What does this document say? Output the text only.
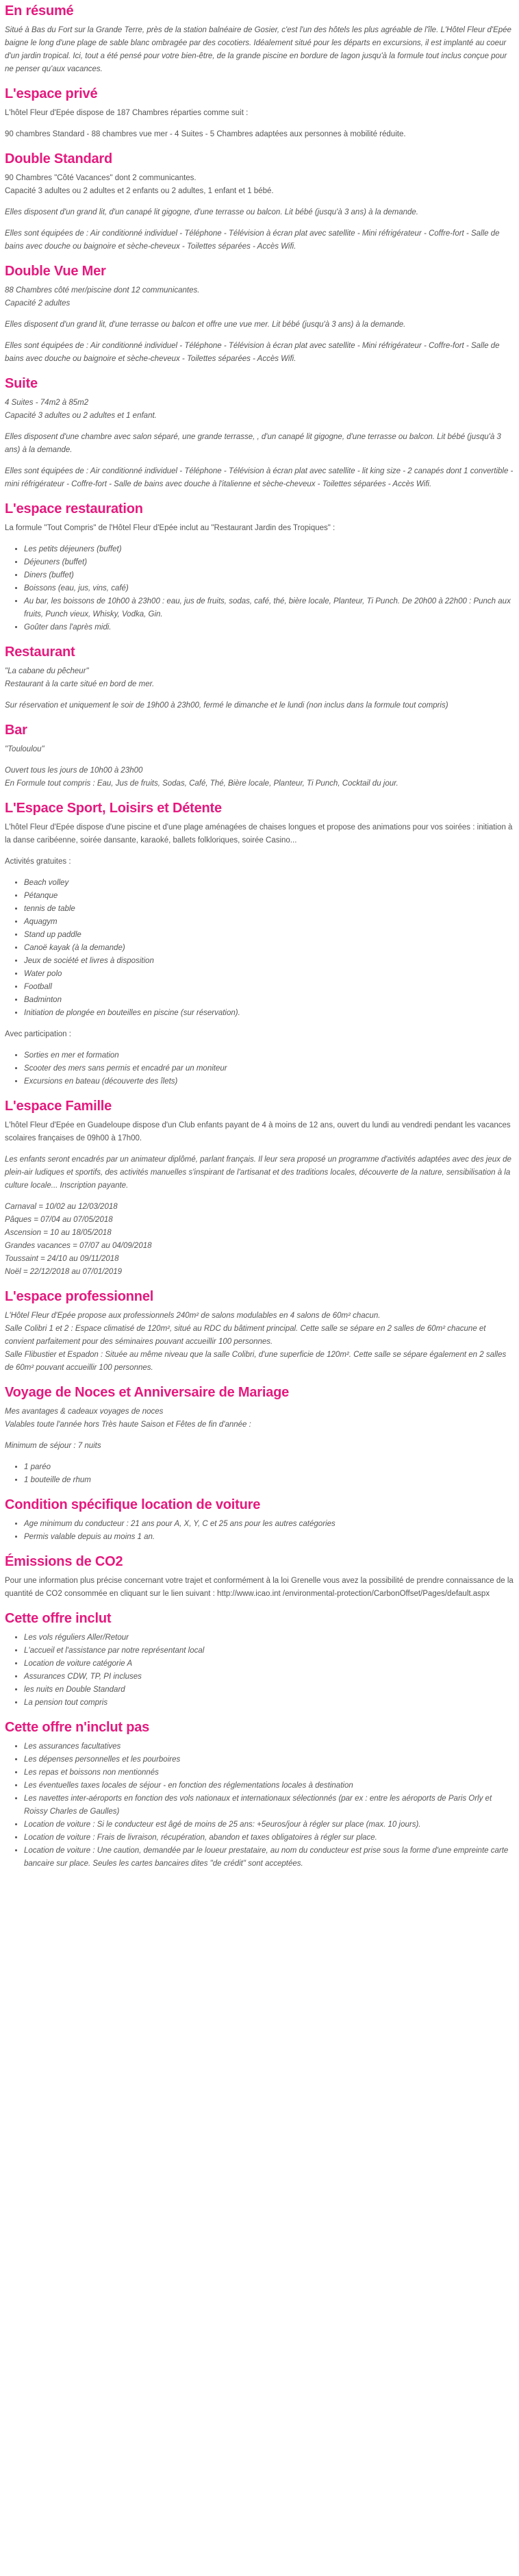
En résumé

Situé à Bas du Fort sur la Grande Terre, près de la station balnéaire de Gosier, c'est l'un des hôtels les plus agréable de l'île. L'Hôtel Fleur d'Epée baigne le long d'une plage de sable blanc ombragée par des cocotiers. Idéalement situé pour les départs en excursions, il est implanté au coeur d'un jardin tropical. Ici, tout a été pensé pour votre bien-être, de la grande piscine en bordure de lagon jusqu'à la formule tout inclus conçue pour ne penser qu'aux vacances.

L'espace privé

L'hôtel Fleur d'Epée dispose de 187 Chambres réparties comme suit :

90 chambres Standard - 88 chambres vue mer - 4 Suites - 5 Chambres adaptées aux personnes à mobilité réduite.

Double Standard

90 Chambres "Côté Vacances" dont 2 communicantes.
Capacité 3 adultes ou 2 adultes et 2 enfants ou 2 adultes, 1 enfant et 1 bébé.

Elles disposent d'un grand lit, d'un canapé lit gigogne, d'une terrasse ou balcon. Lit bébé (jusqu'à 3 ans) à la demande.

Elles sont équipées de : Air conditionné individuel - Téléphone - Télévision à écran plat avec satellite - Mini réfrigérateur - Coffre-fort - Salle de bains avec douche ou baignoire et sèche-cheveux - Toilettes séparées - Accès Wifi.

Double Vue Mer

88 Chambres côté mer/piscine dont 12 communicantes.
Capacité 2 adultes

Elles disposent d'un grand lit, d'une terrasse ou balcon et offre une vue mer. Lit bébé (jusqu'à 3 ans) à la demande.

Elles sont équipées de : Air conditionné individuel - Téléphone - Télévision à écran plat avec satellite - Mini réfrigérateur - Coffre-fort - Salle de bains avec douche ou baignoire et sèche-cheveux - Toilettes séparées - Accès Wifi.

Suite

4 Suites - 74m2 à 85m2
Capacité 3 adultes ou 2 adultes et 1 enfant.

Elles disposent d'une chambre avec salon séparé, une grande terrasse, , d'un canapé lit gigogne, d'une terrasse ou balcon. Lit bébé (jusqu'à 3 ans) à la demande.

Elles sont équipées de : Air conditionné individuel - Téléphone - Télévision à écran plat avec satellite - lit king size - 2 canapés dont 1 convertible - mini réfrigérateur - Coffre-fort - Salle de bains avec douche à l'italienne et sèche-cheveux - Toilettes séparées - Accès Wifi.

L'espace restauration

La formule "Tout Compris" de l'Hôtel Fleur d'Epée inclut au "Restaurant Jardin des Tropiques" :

• Les petits déjeuners (buffet)
• Déjeuners (buffet)
• Diners (buffet)
• Boissons (eau, jus, vins, café)
• Au bar, les boissons de 10h00 à 23h00 : eau, jus de fruits, sodas, café, thé, bière locale, Planteur, Ti Punch. De 20h00 à 22h00 : Punch aux fruits, Punch vieux, Whisky, Vodka, Gin.
• Goûter dans l'après midi.
Restaurant

"La cabane du pêcheur"
Restaurant à la carte situé en bord de mer.

Sur réservation et uniquement le soir de 19h00 à 23h00, fermé le dimanche et le lundi (non inclus dans la formule tout compris)

Bar

"Touloulou"

Ouvert tous les jours de 10h00 à 23h00
En Formule tout compris : Eau, Jus de fruits, Sodas, Café, Thé, Bière locale, Planteur, Ti Punch, Cocktail du jour.

L'Espace Sport, Loisirs et Détente

L'hôtel Fleur d'Epée dispose d'une piscine et d'une plage aménagées de chaises longues et propose des animations pour vos soirées : initiation à la danse caribéenne, soirée dansante, karaoké, ballets folkloriques, soirée Casino...

Activités gratuites :

• Beach volley
• Pétanque
• tennis de table
• Aquagym
• Stand up paddle
• Canoë kayak (à la demande)
• Jeux de société et livres à disposition
• Water polo
• Football
• Badminton
• Initiation de plongée en bouteilles en piscine (sur réservation).

Avec participation :

• Sorties en mer et formation
• Scooter des mers sans permis et encadré par un moniteur
• Excursions en bateau (découverte des îlets)
L'espace Famille

L'hôtel Fleur d'Epée en Guadeloupe dispose d'un Club enfants payant de 4 à moins de 12 ans, ouvert du lundi au vendredi pendant les vacances scolaires françaises de 09h00 à 17h00.

Les enfants seront encadrés par un animateur diplômé, parlant français. Il leur sera proposé un programme d'activités adaptées avec des jeux de plein-air ludiques et sportifs, des activités manuelles s'inspirant de l'artisanat et des traditions locales, découverte de la nature, sensibilisation à la culture locale... Inscription payante.

Carnaval = 10/02 au 12/03/2018
Pâques = 07/04 au 07/05/2018
Ascension = 10 au 18/05/2018
Grandes vacances = 07/07 au 04/09/2018
Toussaint = 24/10 au 09/11/2018
Noël = 22/12/2018 au 07/01/2019

L'espace professionnel

L'Hôtel Fleur d'Epée propose aux professionnels 240m² de salons modulables en 4 salons de 60m² chacun.
Salle Colibri 1 et 2 : Espace climatisé de 120m², situé au RDC du bâtiment principal. Cette salle se sépare en 2 salles de 60m² chacune et convient parfaitement pour des séminaires pouvant accueillir 100 personnes.
Salle Flibustier et Espadon : Située au même niveau que la salle Colibri, d'une superficie de 120m². Cette salle se sépare également en 2 salles de 60m² pouvant accueillir 100 personnes.

Voyage de Noces et Anniversaire de Mariage

Mes avantages & cadeaux voyages de noces
Valables toute l'année hors Très haute Saison et Fêtes de fin d'année :

Minimum de séjour : 7 nuits

• 1 paréo
• 1 bouteille de rhum
Condition spécifique location de voiture
• Age minimum du conducteur : 21 ans pour A, X, Y, C et 25 ans pour les autres catégories
• Permis valable depuis au moins 1 an.
Émissions de CO2

Pour une information plus précise concernant votre trajet et conformément à la loi Grenelle vous avez la possibilité de prendre connaissance de la quantité de CO2 consommée en cliquant sur le lien suivant : http://www.icao.int /environmental-protection/CarbonOffset/Pages/default.aspx

Cette offre inclut
• Les vols réguliers Aller/Retour
• L'accueil et l'assistance par notre représentant local
• Location de voiture catégorie A
• Assurances CDW, TP, PI incluses
• les nuits en Double Standard
• La pension tout compris
Cette offre n'inclut pas
• Les assurances facultatives
• Les dépenses personnelles et les pourboires
• Les repas et boissons non mentionnés
• Les éventuelles taxes locales de séjour - en fonction des réglementations locales à destination
• Les navettes inter-aéroports en fonction des vols nationaux et internationaux sélectionnés (par ex : entre les aéroports de Paris Orly et Roissy Charles de Gaulles)
• Location de voiture : Si le conducteur est âgé de moins de 25 ans: +5euros/jour à régler sur place (max. 10 jours).
• Location de voiture : Frais de livraison, récupération, abandon et taxes obligatoires à régler sur place.
• Location de voiture : Une caution, demandée par le loueur prestataire, au nom du conducteur est prise sous la forme d'une empreinte carte bancaire sur place. Seules les cartes bancaires dites "de crédit" sont acceptées.
